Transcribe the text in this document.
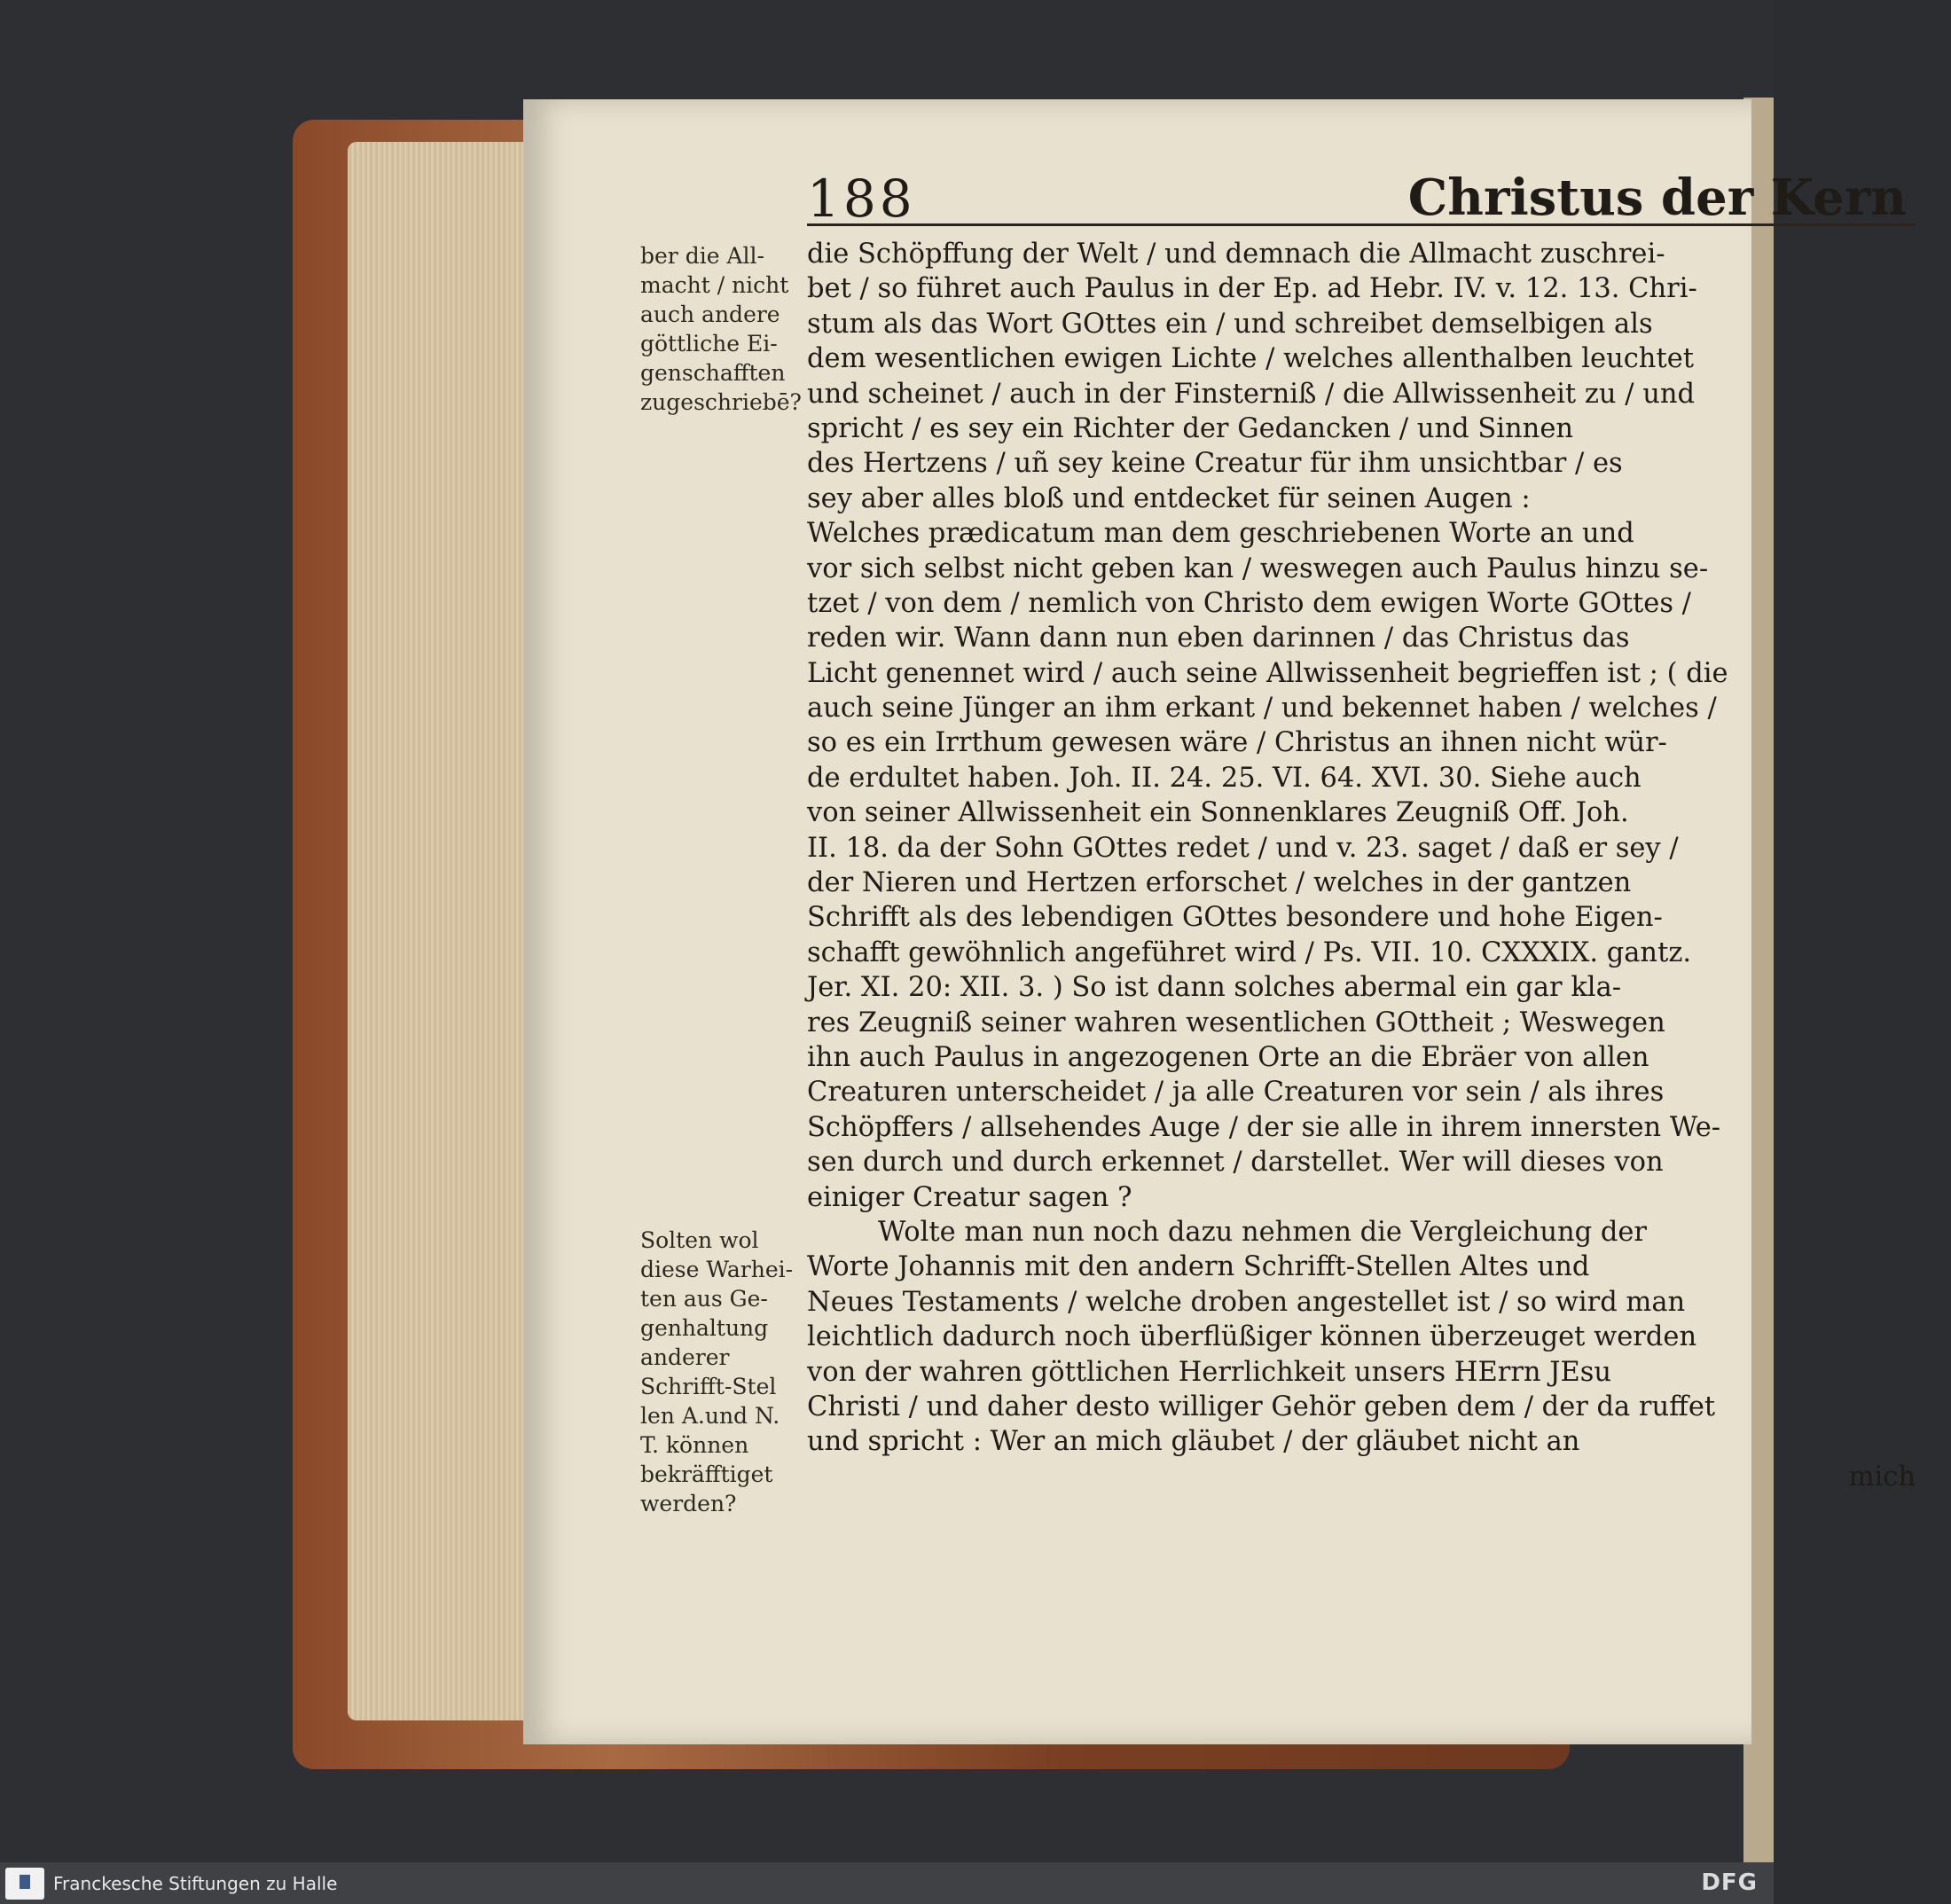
188	Christus der Kern
ber die All-
macht / nicht
auch andere
göttliche Ei-
genschafften
zugeschriebē?
Solten wol
diese Warhei-
ten aus Ge-
genhaltung
anderer
Schrifft-Stel
len A.und N.
T. können
bekräfftiget
werden?
die Schöpffung der Welt / und demnach die Allmacht zuschrei-
bet / so führet auch Paulus in der Ep. ad Hebr. IV. v. 12. 13. Chri-
stum als das Wort GOttes ein / und schreibet demselbigen als
dem wesentlichen ewigen Lichte / welches allenthalben leuchtet
und scheinet / auch in der Finsterniß / die Allwissenheit zu / und
spricht / es sey ein Richter der Gedancken / und Sinnen
des Hertzens / uñ sey keine Creatur für ihm unsichtbar / es
sey aber alles bloß und entdecket für seinen Augen :
Welches prædicatum man dem geschriebenen Worte an und
vor sich selbst nicht geben kan / weswegen auch Paulus hinzu se-
tzet / von dem / nemlich von Christo dem ewigen Worte GOttes /
reden wir. Wann dann nun eben darinnen / das Christus das
Licht genennet wird / auch seine Allwissenheit begrieffen ist ; ( die
auch seine Jünger an ihm erkant / und bekennet haben / welches /
so es ein Irrthum gewesen wäre / Christus an ihnen nicht wür-
de erdultet haben. Joh. II. 24. 25. VI. 64. XVI. 30. Siehe auch
von seiner Allwissenheit ein Sonnenklares Zeugniß Off. Joh.
II. 18. da der Sohn GOttes redet / und v. 23. saget / daß er sey /
der Nieren und Hertzen erforschet / welches in der gantzen
Schrifft als des lebendigen GOttes besondere und hohe Eigen-
schafft gewöhnlich angeführet wird / Ps. VII. 10. CXXXIX. gantz.
Jer. XI. 20: XII. 3. ) So ist dann solches abermal ein gar kla-
res Zeugniß seiner wahren wesentlichen GOttheit ; Weswegen
ihn auch Paulus in angezogenen Orte an die Ebräer von allen
Creaturen unterscheidet / ja alle Creaturen vor sein / als ihres
Schöpffers / allsehendes Auge / der sie alle in ihrem innersten We-
sen durch und durch erkennet / darstellet. Wer will dieses von
einiger Creatur sagen ?
Wolte man nun noch dazu nehmen die Vergleichung der
Worte Johannis mit den andern Schrifft-Stellen Altes und
Neues Testaments / welche droben angestellet ist / so wird man
leichtlich dadurch noch überflüßiger können überzeuget werden
von der wahren göttlichen Herrlichkeit unsers HErrn JEsu
Christi / und daher desto williger Gehör geben dem / der da ruffet
und spricht : Wer an mich gläubet / der gläubet nicht an
mich
Franckesche Stiftungen zu Halle	DFG
